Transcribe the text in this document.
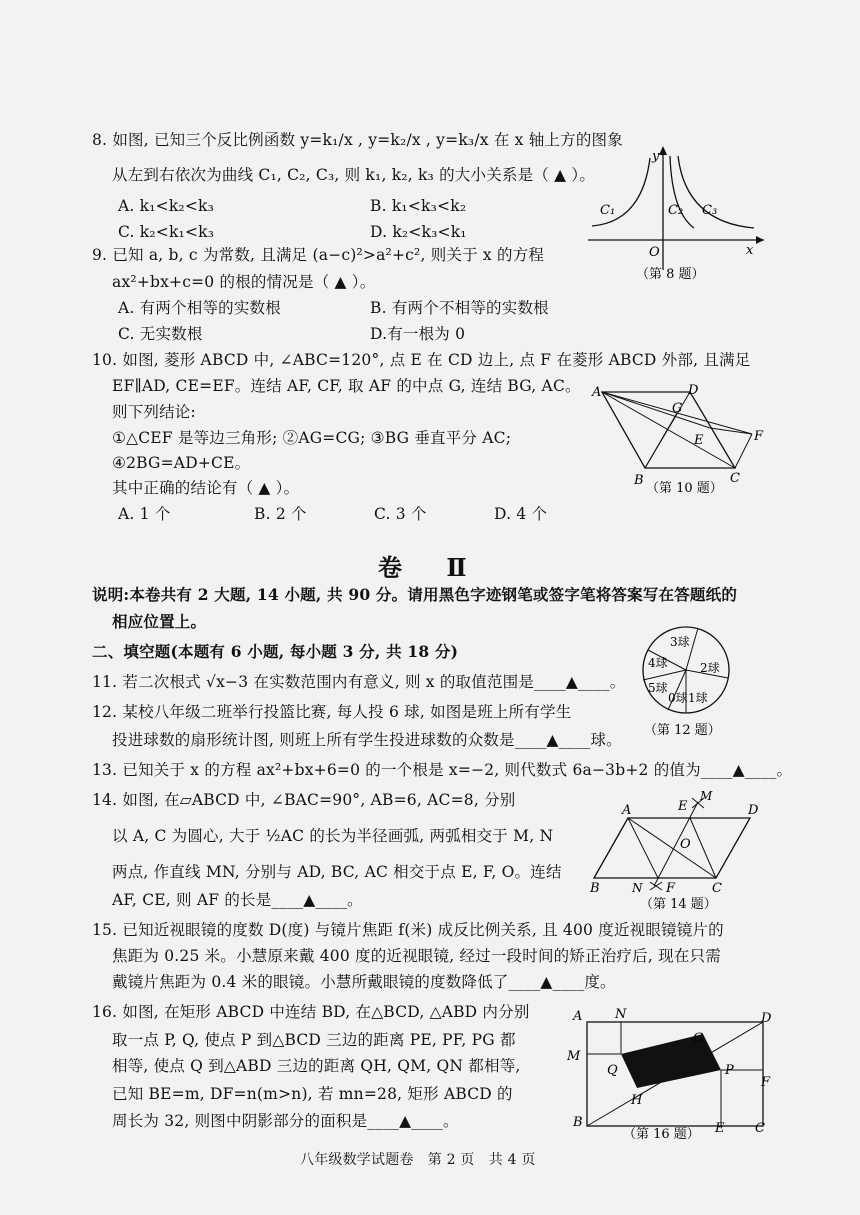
8. 如图, 已知三个反比例函数 y=k₁/x , y=k₂/x , y=k₃/x 在 x 轴上方的图象
从左到右依次为曲线 C₁, C₂, C₃, 则 k₁, k₂, k₃ 的大小关系是（ ▲ ）。
A. k₁<k₂<k₃	B. k₁<k₃<k₂
C. k₂<k₁<k₃	D. k₂<k₃<k₁
y
x
O
C₁	C₂ C₃
（第 8 题）
9. 已知 a, b, c 为常数, 且满足 (a−c)²>a²+c², 则关于 x 的方程
ax²+bx+c=0 的根的情况是（ ▲ ）。
A. 有两个相等的实数根	B. 有两个不相等的实数根
C. 无实数根	D.有一根为 0
10. 如图, 菱形 ABCD 中, ∠ABC=120°, 点 E 在 CD 边上, 点 F 在菱形 ABCD 外部, 且满足
EF∥AD, CE=EF。连结 AF, CF, 取 AF 的中点 G, 连结 BG, AC。
则下列结论:
①△CEF 是等边三角形; ②AG=CG; ③BG 垂直平分 AC;
④2BG=AD+CE。
其中正确的结论有（ ▲ ）。
A. 1 个	B. 2 个	C. 3 个	D. 4 个
A	D
G
E	F
B	C
（第 10 题）
卷 Ⅱ
说明:本卷共有 2 大题, 14 小题, 共 90 分。请用黑色字迹钢笔或签字笔将答案写在答题纸的
相应位置上。
二、填空题(本题有 6 小题, 每小题 3 分, 共 18 分)
11. 若二次根式 √x−3 在实数范围内有意义, 则 x 的取值范围是____▲____。
12. 某校八年级二班举行投篮比赛, 每人投 6 球, 如图是班上所有学生
投进球数的扇形统计图, 则班上所有学生投进球数的众数是____▲____球。
3球
2球
1球
0球
5球
4球
（第 12 题）
13. 已知关于 x 的方程 ax²+bx+6=0 的一个根是 x=−2, 则代数式 6a−3b+2 的值为____▲____。
14. 如图, 在▱ABCD 中, ∠BAC=90°, AB=6, AC=8, 分别
以 A, C 为圆心, 大于 ½AC 的长为半径画弧, 两弧相交于 M, N
两点, 作直线 MN, 分别与 AD, BC, AC 相交于点 E, F, O。连结
AF, CE, 则 AF 的长是____▲____。
A	E
M
D
O
B	N F	C
（第 14 题）
15. 已知近视眼镜的度数 D(度) 与镜片焦距 f(米) 成反比例关系, 且 400 度近视眼镜镜片的
焦距为 0.25 米。小慧原来戴 400 度的近视眼镜, 经过一段时间的矫正治疗后, 现在只需
戴镜片焦距为 0.4 米的眼镜。小慧所戴眼镜的度数降低了____▲____度。
16. 如图, 在矩形 ABCD 中连结 BD, 在△BCD, △ABD 内分别
取一点 P, Q, 使点 P 到△BCD 三边的距离 PE, PF, PG 都
相等, 使点 Q 到△ABD 三边的距离 QH, QM, QN 都相等,
已知 BE=m, DF=n(m>n), 若 mn=28, 矩形 ABCD 的
周长为 32, 则图中阴影部分的面积是____▲____。
A	N	D
G
M
Q	P
F
H
B	E C
（第 16 题）
八年级数学试题卷　第 2 页　共 4 页
